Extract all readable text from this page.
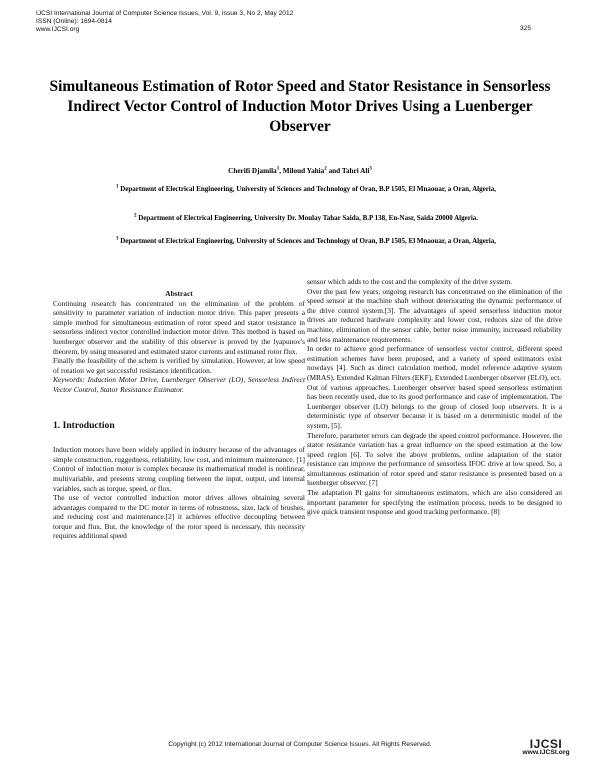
IJCSI International Journal of Computer Science Issues, Vol. 9, Issue 3, No 2, May 2012
ISSN (Online): 1694-0814
www.IJCSI.org	325
Simultaneous Estimation of Rotor Speed and Stator Resistance in Sensorless Indirect Vector Control of Induction Motor Drives Using a Luenberger Observer
Cherifi Djamila$^1$, Miloud Yahia$^2$ and Tahri Ali$^3$
$^1$ Department of Electrical Engineering, University of Sciences and Technology of Oran, B.P 1505, El Mnaouar, a Oran, Algeria,
$^2$ Department of Electrical Engineering, University Dr. Moulay Tahar Saida, B.P 138, En-Nasr, Saida 20000 Algeria.
$^3$ Department of Electrical Engineering, University of Sciences and Technology of Oran, B.P 1505, El Mnaouar, a Oran, Algeria,

Abstract

Continuing research has concentrated on the elimination of the problem of sensitivity to parameter variation of induction motor drive. This paper presents a simple method for simultaneous estimation of rotor speed and stator resistance in sensorless indirect vector controlled induction motor drive. This method is based on luenberger observer and the stability of this observer is proved by the lyapunov's theorem, by using measured and estimated stator currents and estimated rotor flux.

Finally the feasibility of the schem is verified by simulation. However, at low speed of rotation we get successful resistance identification.

Keywords: Induction Motor Drive, Luenberger Observer (LO), Sensorless Indirect Vector Control, Stator Resistance Estimator.

1. Introduction

Induction motors have been widely applied in industry because of the advantages of simple construction, ruggedness, reliability, low cost, and minimum maintenance. [1]

Control of induction motor is complex because its mathematical model is nonlinear, multivariable, and presents strong coupling between the input, output, and internal variables, such as torque, speed, or flux.

The use of vector controlled induction motor drives allows obtaining several advantages compared to the DC motor in terms of robustness, size, lack of brushes, and reducing cost and maintenance.[2] it achieves effective decoupling between torque and flux, But, the knowledge of the rotor speed is necessary, this necessity requires additional speed

sensor which adds to the cost and the complexity of the drive system.

Over the past few years, ongoing research has concentrated on the elimination of the speed sensor at the machine shaft without deteriorating the dynamic performance of the drive control system.[3]. The advantages of speed sensorless induction motor drives are reduced hardware complexity and lower cost, reduces size of the drive machine, elimination of the sensor cable, better noise immunity, increased reliability and less maintenance requirements.

In order to achieve good performance of sensorless vector control, different speed estimation schemes have been proposed, and a variety of speed estimators exist nowdays [4]. Such as direct calculation method, model reference adaptive system (MRAS), Extended Kalman Filters (EKF), Extended Luenberger observer (ELO), ect.

Out of various approaches, Luenberger observer based speed sensorless estimation has been recently used, due to its good performance and case of implementation. The Luenberger observer (LO) belongs to the group of closed loop observers. It is a deterministic type of observer because it is based on a deterministic model of the system, [5].

Therefore, parameter errors can degrade the speed control performance. However, the stator resistance variation has a great influence on the speed estimation at the low speed region [6]. To solve the above problems, online adaptation of the stator resistance can improve the performance of sensorless IFOC drive at low speed. So, a simultaneous estimation of rotor speed and stator resistance is presented based on a luenberger observer. [7]

The adaptation PI gains for simultaneous estimators, which are also considered an important parameter for specifying the estimation process, needs to be designed to give quick transient response and good tracking performance. [8]

Copyright (c) 2012 International Journal of Computer Science Issues. All Rights Reserved.	IJCSI
www.IJCSI.org
